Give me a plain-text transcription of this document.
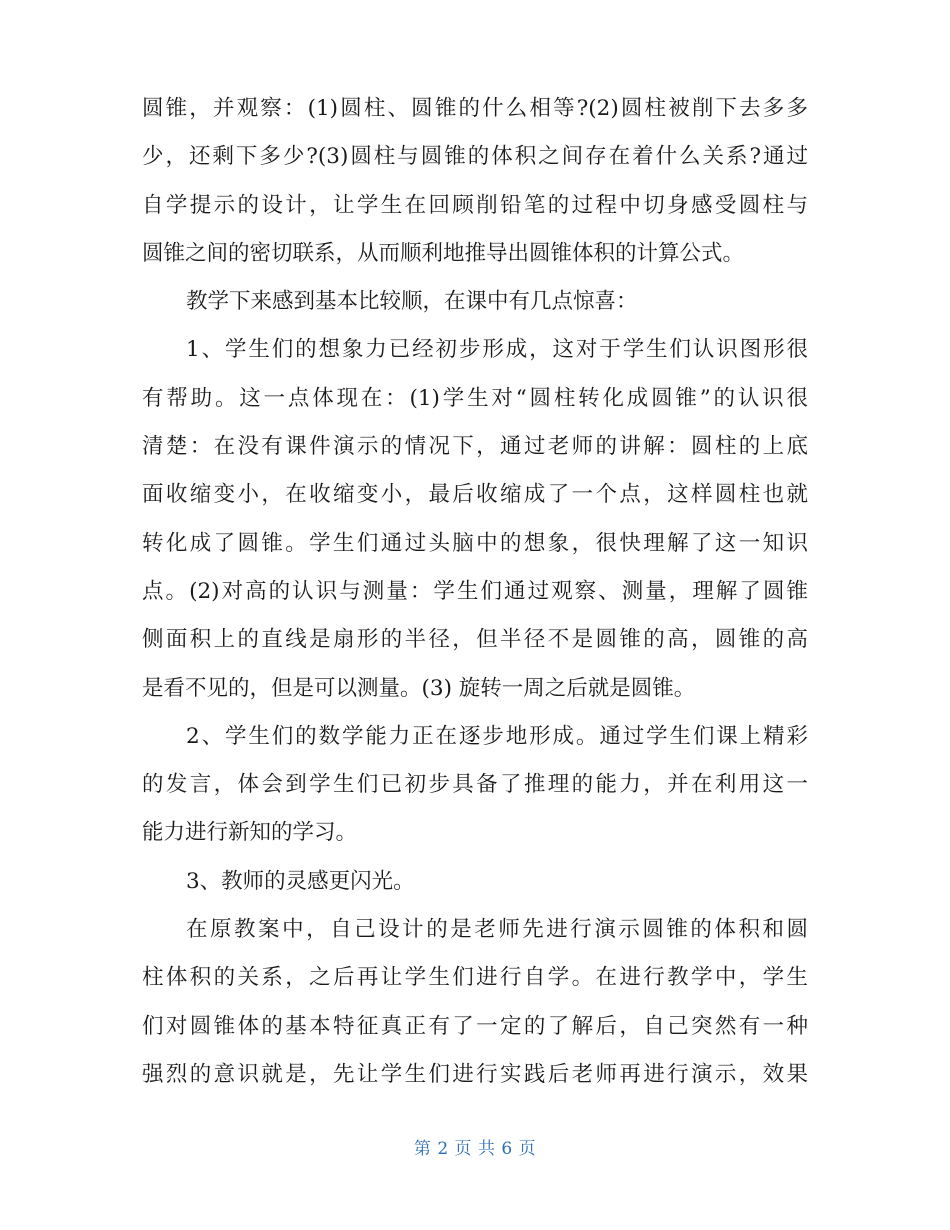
圆锥，并观察：(1)圆柱、圆锥的什么相等?(2)圆柱被削下去多多
少，还剩下多少?(3)圆柱与圆锥的体积之间存在着什么关系?通过
自学提示的设计，让学生在回顾削铅笔的过程中切身感受圆柱与
圆锥之间的密切联系，从而顺利地推导出圆锥体积的计算公式。
教学下来感到基本比较顺，在课中有几点惊喜：
1、学生们的想象力已经初步形成，这对于学生们认识图形很
有帮助。这一点体现在：(1)学生对“圆柱转化成圆锥”的认识很
清楚：在没有课件演示的情况下，通过老师的讲解：圆柱的上底
面收缩变小，在收缩变小，最后收缩成了一个点，这样圆柱也就
转化成了圆锥。学生们通过头脑中的想象，很快理解了这一知识
点。(2)对高的认识与测量：学生们通过观察、测量，理解了圆锥
侧面积上的直线是扇形的半径，但半径不是圆锥的高，圆锥的高
是看不见的，但是可以测量。(3) 旋转一周之后就是圆锥。
2、学生们的数学能力正在逐步地形成。通过学生们课上精彩
的发言，体会到学生们已初步具备了推理的能力，并在利用这一
能力进行新知的学习。
3、教师的灵感更闪光。
在原教案中，自己设计的是老师先进行演示圆锥的体积和圆
柱体积的关系，之后再让学生们进行自学。在进行教学中，学生
们对圆锥体的基本特征真正有了一定的了解后，自己突然有一种
强烈的意识就是，先让学生们进行实践后老师再进行演示，效果
第 2 页 共 6 页
